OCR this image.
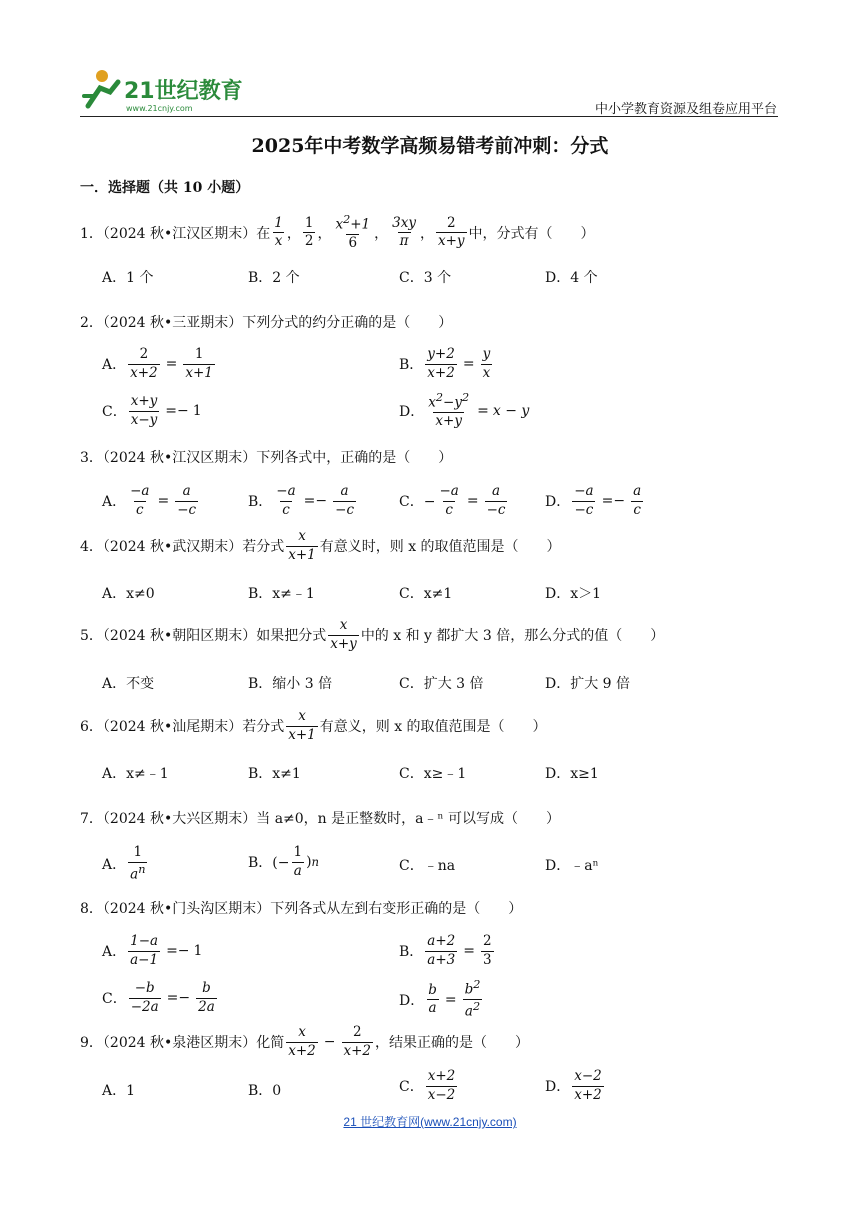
21世纪教育
www.21cnjy.com	中小学教育资源及组卷应用平台
2025年中考数学高频易错考前冲刺：分式
一．选择题（共 10 小题）
1．（2024 秋•江汉区期末）在 $\frac{1}{x}$ ， $\frac{1}{2}$ ， $\frac{x^2+1}{6}$ ， $\frac{3xy}{\pi}$ ， $\frac{2}{x+y}$ 中，分式有（　　）
A．1 个	B．2 个	C．3 个	D．4 个
2．（2024 秋•三亚期末）下列分式的约分正确的是（　　）
A． $\frac{2}{x+2} = \frac{1}{x+1}$	B． $\frac{y+2}{x+2} = \frac{y}{x}$
C． $\frac{x+y}{x-y} =- 1$	D． $\frac{x^2-y^2}{x+y} = x - y$
3．（2024 秋•江汉区期末）下列各式中，正确的是（　　）
A． $\frac{-a}{c} = \frac{a}{-c}$	B． $\frac{-a}{c} =- \frac{a}{-c}$	C．− $\frac{-a}{c} = \frac{a}{-c}$	D． $\frac{-a}{-c} =- \frac{a}{c}$
4．（2024 秋•武汉期末）若分式 $\frac{x}{x+1}$ 有意义时，则 x 的取值范围是（　　）
A．x≠0	B．x≠﹣1	C．x≠1	D．x＞1
5．（2024 秋•朝阳区期末）如果把分式 $\frac{x}{x+y}$ 中的 x 和 y 都扩大 3 倍，那么分式的值（　　）
A．不变	B．缩小 3 倍	C．扩大 3 倍	D．扩大 9 倍
6．（2024 秋•汕尾期末）若分式 $\frac{x}{x+1}$ 有意义，则 x 的取值范围是（　　）
A．x≠﹣1	B．x≠1	C．x≥﹣1	D．x≥1
7．（2024 秋•大兴区期末）当 a≠0，n 是正整数时，a﹣ⁿ 可以写成（　　）
A． $\frac{1}{a^n}$	B．(− $\frac{1}{a}$ ) n	C．﹣na	D．﹣aⁿ
8．（2024 秋•门头沟区期末）下列各式从左到右变形正确的是（　　）
A． $\frac{1-a}{a-1} =- 1$	B． $\frac{a+2}{a+3} = \frac{2}{3}$
C． $\frac{-b}{-2a} =- \frac{b}{2a}$	D． $\frac{b}{a} = \frac{b^2}{a^2}$
9．（2024 秋•泉港区期末）化简 $\frac{x}{x+2} - \frac{2}{x+2}$ ，结果正确的是（　　）
A．1	B．0	C． $\frac{x+2}{x-2}$	D． $\frac{x-2}{x+2}$
21 世纪教育网(www.21cnjy.com)
